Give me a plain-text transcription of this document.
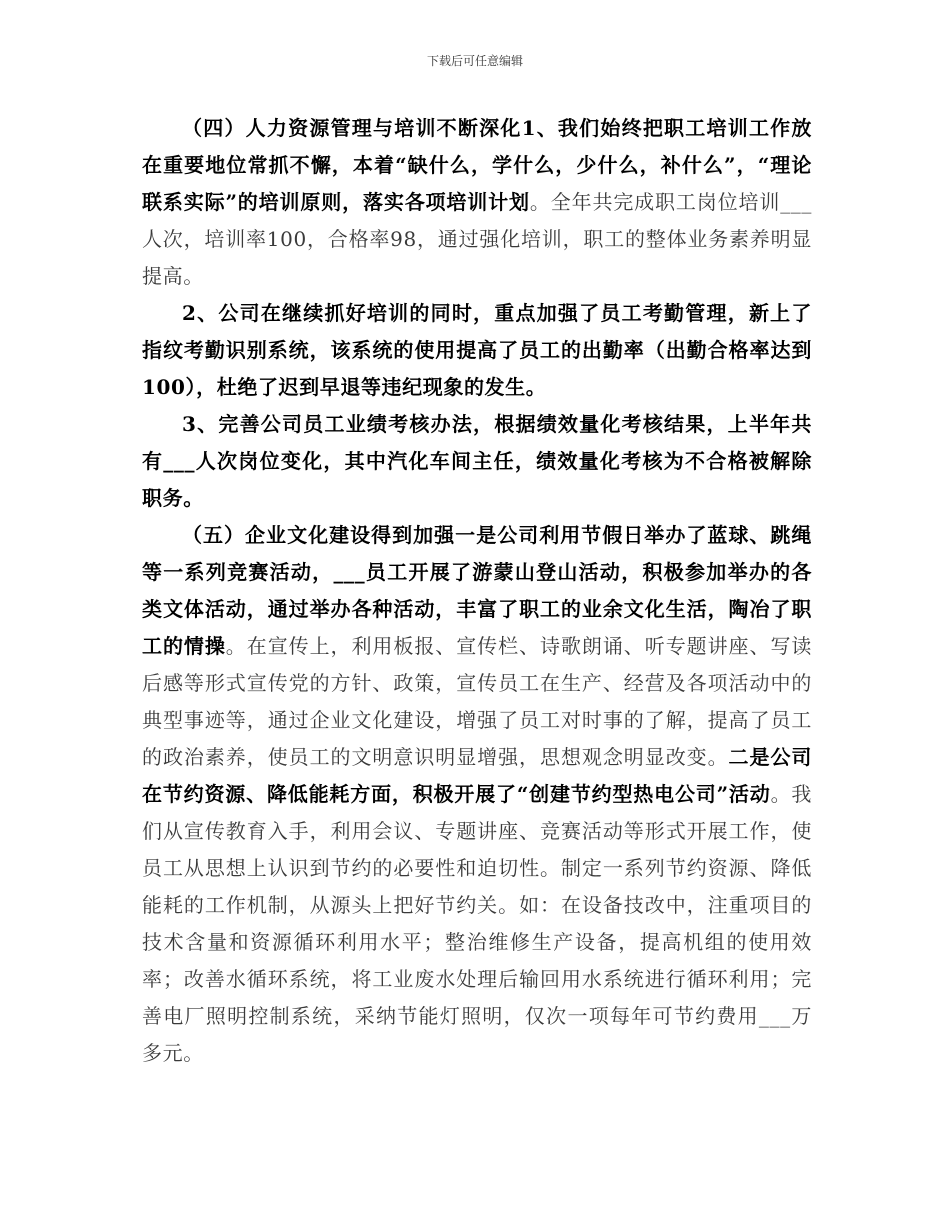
下载后可任意编辑

（四）人力资源管理与培训不断深化1、我们始终把职工培训工作放在重要地位常抓不懈，本着“缺什么，学什么，少什么，补什么”，“理论联系实际”的培训原则，落实各项培训计划。全年共完成职工岗位培训___人次，培训率100，合格率98，通过强化培训，职工的整体业务素养明显提高。

2、公司在继续抓好培训的同时，重点加强了员工考勤管理，新上了指纹考勤识别系统，该系统的使用提高了员工的出勤率（出勤合格率达到100），杜绝了迟到早退等违纪现象的发生。

3、完善公司员工业绩考核办法，根据绩效量化考核结果，上半年共有___人次岗位变化，其中汽化车间主任，绩效量化考核为不合格被解除职务。

（五）企业文化建设得到加强一是公司利用节假日举办了蓝球、跳绳等一系列竞赛活动，___员工开展了游蒙山登山活动，积极参加举办的各类文体活动，通过举办各种活动，丰富了职工的业余文化生活，陶冶了职工的情操。在宣传上，利用板报、宣传栏、诗歌朗诵、听专题讲座、写读后感等形式宣传党的方针、政策，宣传员工在生产、经营及各项活动中的典型事迹等，通过企业文化建设，增强了员工对时事的了解，提高了员工的政治素养，使员工的文明意识明显增强，思想观念明显改变。二是公司在节约资源、降低能耗方面，积极开展了“创建节约型热电公司”活动。我们从宣传教育入手，利用会议、专题讲座、竞赛活动等形式开展工作，使员工从思想上认识到节约的必要性和迫切性。制定一系列节约资源、降低能耗的工作机制，从源头上把好节约关。如：在设备技改中，注重项目的技术含量和资源循环利用水平；整治维修生产设备，提高机组的使用效率；改善水循环系统，将工业废水处理后输回用水系统进行循环利用；完善电厂照明控制系统，采纳节能灯照明，仅次一项每年可节约费用___万多元。
